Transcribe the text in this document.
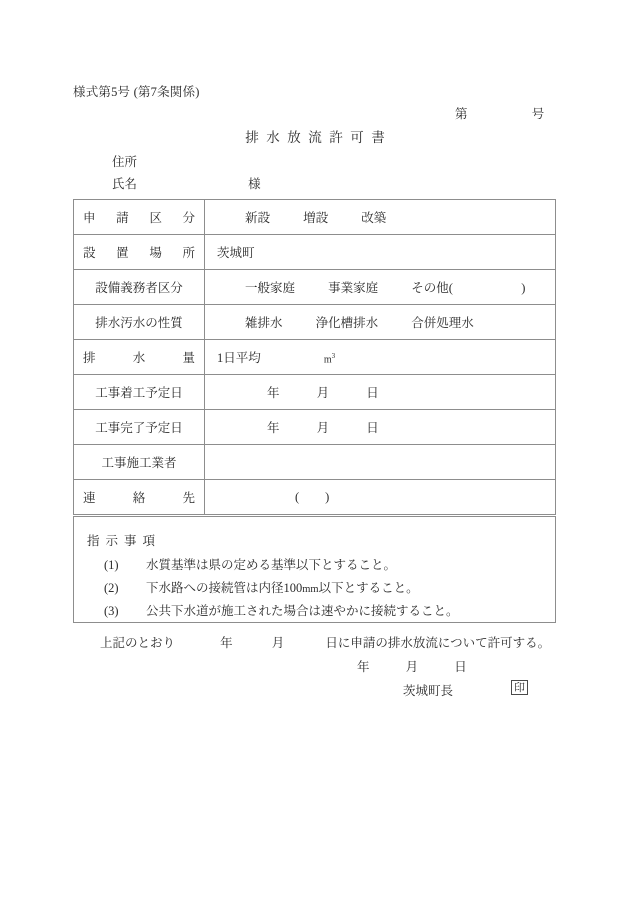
様式第5号 (第7条関係)
第	号
排水放流許可書
住所
氏名	様
申請区分	新設 増設 改築

設置場所	茨城町

設備義務者区分	一般家庭 事業家庭 その他( )

排水汚水の性質	雑排水 浄化槽排水 合併処理水

排水量	1日平均 $m^3$

工事着工予定日	年 月 日

工事完了予定日	年 月 日

工事施工業者	

連絡先	( )
指示事項
(1) 水質基準は県の定める基準以下とすること。
(2) 下水路への接続管は内径100mm以下とすること。
(3) 公共下水道が施工された場合は速やかに接続すること。
上記のとおり	年	月	日に申請の排水放流について許可する。
年	月	日
茨城町長	印
